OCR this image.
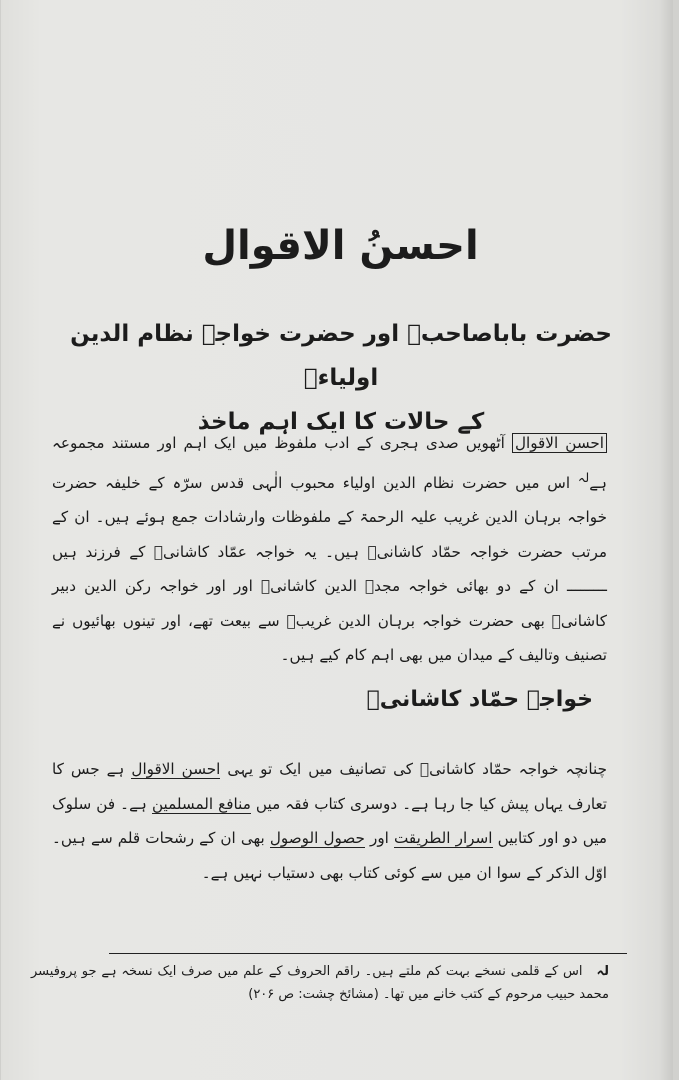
احسنُ الاقوال
حضرت باباصاحبؒ اور حضرت خواجہ نظام الدین اولیاءؒ
کے حالات کا ایک اہم ماخذ
احسن الاقوال آٹھویں صدی ہجری کے ادب ملفوظ میں ایک اہم اور مستند مجموعہ ہے$^{لہ}$ اس میں حضرت نظام الدین اولیاء محبوب الٰہی قدس سرّہ کے خلیفہ حضرت خواجہ برہان الدین غریب علیہ الرحمۃ کے ملفوظات وارشادات جمع ہوئے ہیں۔ ان کے مرتب حضرت خواجہ حمّاد کاشانیؒ ہیں۔ یہ خواجہ عمّاد کاشانیؒ کے فرزند ہیں ـــــــــ ان کے دو بھائی خواجہ مجدؔ الدین کاشانیؒ اور اور خواجہ رکن الدین دبیر کاشانیؒ بھی حضرت خواجہ برہان الدین غریبؒ سے بیعت تھے، اور تینوں بھائیوں نے تصنیف وتالیف کے میدان میں بھی اہم کام کیے ہیں۔
خواجہ حمّاد کاشانیؒ
چنانچہ خواجہ حمّاد کاشانیؒ کی تصانیف میں ایک تو یہی احسن الاقوال ہے جس کا تعارف یہاں پیش کیا جا رہا ہے۔ دوسری کتاب فقہ میں منافع المسلمین ہے۔ فن سلوک میں دو اور کتابیں اسرار الطریقت اور حصول الوصول بھی ان کے رشحات قلم سے ہیں۔ اوّل الذکر کے سوا ان میں سے کوئی کتاب بھی دستیاب نہیں ہے۔
لہاس کے قلمی نسخے بہت کم ملتے ہیں۔ راقم الحروف کے علم میں صرف ایک نسخہ ہے جو پروفیسر محمد حبیب مرحوم کے کتب خانے میں تھا۔ (مشائخ چشت: ص ۲۰۶)
